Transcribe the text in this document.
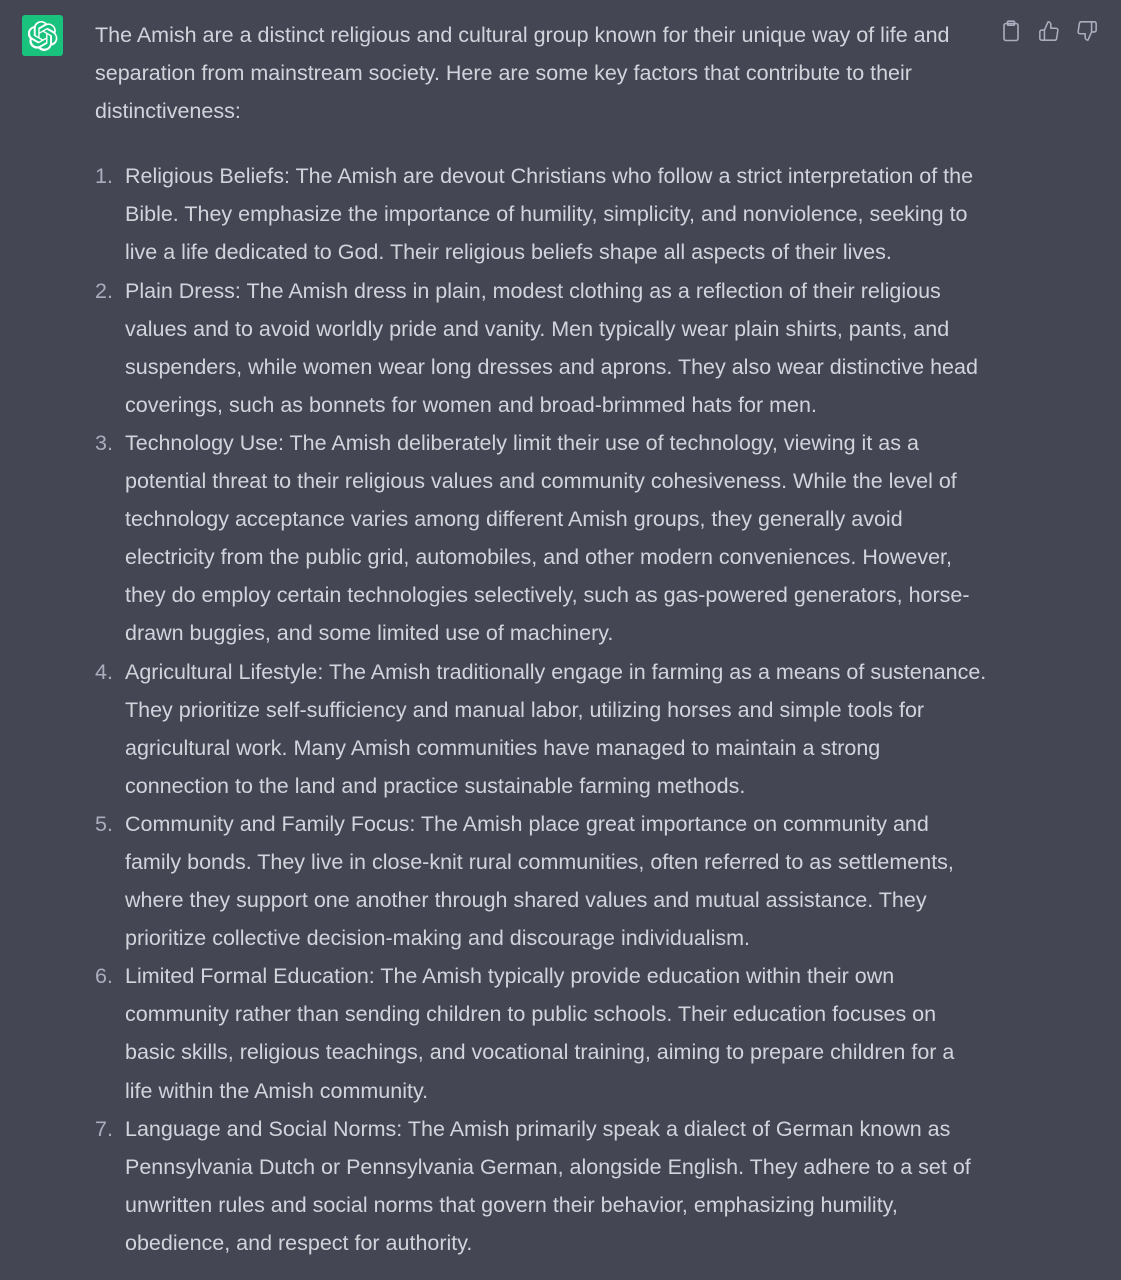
The Amish are a distinct religious and cultural group known for their unique way of life and separation from mainstream society. Here are some key factors that contribute to their distinctiveness:

1. Religious Beliefs: The Amish are devout Christians who follow a strict interpretation of the Bible. They emphasize the importance of humility, simplicity, and nonviolence, seeking to live a life dedicated to God. Their religious beliefs shape all aspects of their lives.
2. Plain Dress: The Amish dress in plain, modest clothing as a reflection of their religious values and to avoid worldly pride and vanity. Men typically wear plain shirts, pants, and suspenders, while women wear long dresses and aprons. They also wear distinctive head coverings, such as bonnets for women and broad-brimmed hats for men.
3. Technology Use: The Amish deliberately limit their use of technology, viewing it as a potential threat to their religious values and community cohesiveness. While the level of technology acceptance varies among different Amish groups, they generally avoid electricity from the public grid, automobiles, and other modern conveniences. However, they do employ certain technologies selectively, such as gas-powered generators, horse-drawn buggies, and some limited use of machinery.
4. Agricultural Lifestyle: The Amish traditionally engage in farming as a means of sustenance. They prioritize self-sufficiency and manual labor, utilizing horses and simple tools for agricultural work. Many Amish communities have managed to maintain a strong connection to the land and practice sustainable farming methods.
5. Community and Family Focus: The Amish place great importance on community and family bonds. They live in close-knit rural communities, often referred to as settlements, where they support one another through shared values and mutual assistance. They prioritize collective decision-making and discourage individualism.
6. Limited Formal Education: The Amish typically provide education within their own community rather than sending children to public schools. Their education focuses on basic skills, religious teachings, and vocational training, aiming to prepare children for a life within the Amish community.
7. Language and Social Norms: The Amish primarily speak a dialect of German known as Pennsylvania Dutch or Pennsylvania German, alongside English. They adhere to a set of unwritten rules and social norms that govern their behavior, emphasizing humility, obedience, and respect for authority.
